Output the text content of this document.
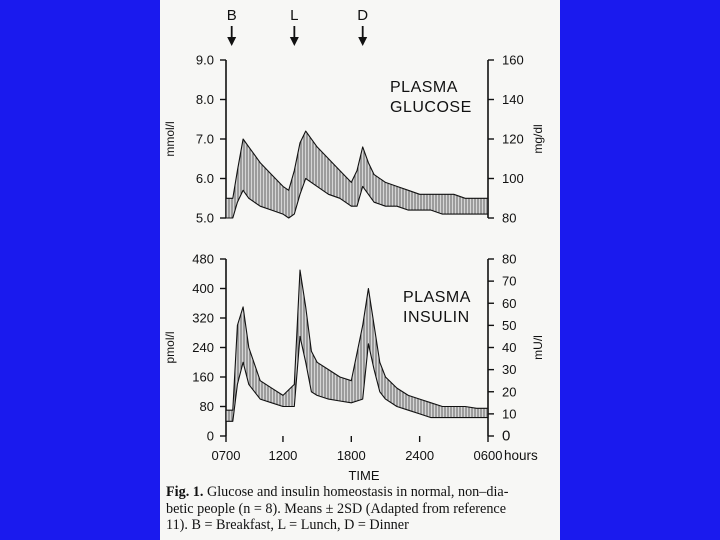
5.0
6.0
7.0
8.0
9.0
80
100
120
140
160
mmol/l	mg/dl
PLASMA
GLUCOSE
0
80
160
240
320
400
480
0
10
20
30
40
50
60
70
80
pmol/l	mU/l
PLASMA
INSULIN
0700 1200	1800	2400	0600 hours
TIME
B	L	D
Fig. 1. Glucose and insulin homeostasis in normal, non–dia-
betic people (n = 8). Means ± 2SD (Adapted from reference
11). B = Breakfast, L = Lunch, D = Dinner
